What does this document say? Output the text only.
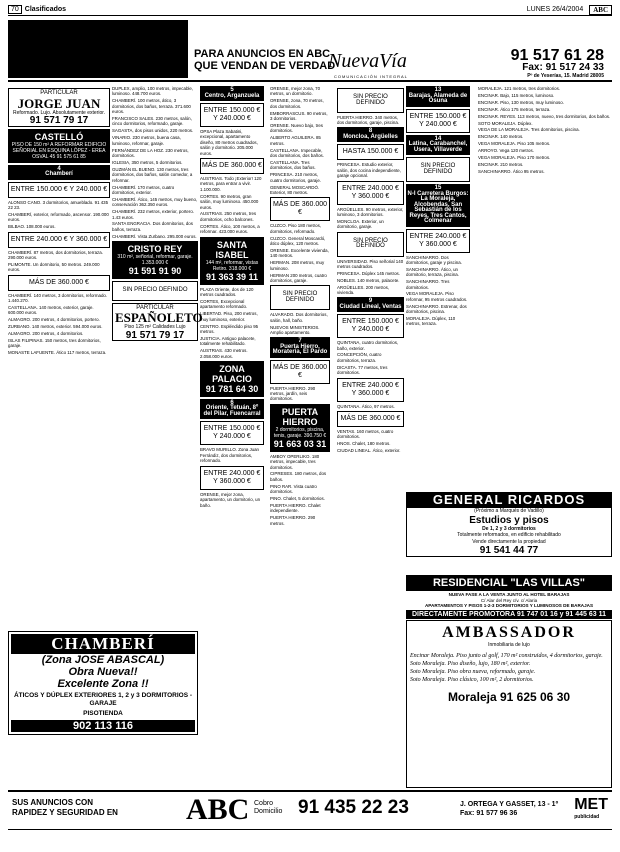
70 Clasificados	LUNES 26/4/2004	ABC
PARA ANUNCIOS EN ABC
QUE VENDAN DE VERDAD
NuevaVía
COMUNICACIÓN INTEGRAL
91 517 61 28
Fax: 91 517 24 33
Pº de Yeserías, 15. Madrid 28005
PARTICULAR
JORGE JUAN
Reformado. Lujo. Absolutamente exterior.
91 571 79 17
CASTELLÓ
PISO DE 150 m² A REFORMAR EDIFICIO SEÑORIAL EN ESQUINA LÓPEZ - EREA OSVAL 45 91 575 61 85
4
Chamberí
ENTRE 150.000 € Y 240.000 €

ALONSO CANO. 3 dormitorios, amueblado. 91 435 22 23.

CHAMBERÍ, exterior, reformado, ascensor. 190.000 euros.

BILBAO. 108.000 euros.

ENTRE 240.000 € Y 360.000 €

CHAMBERÍ. 87 metros, dos dormitorios, terraza. 290.000 euros.

PLIMONTE. Un dormitorio, 50 metros. 249.000 euros.

MÁS DE 360.000 €

CHAMBERÍ. 140 metros, 3 dormitorios, reformado. 1.440.270.

CASTELLANA. 140 metros, exterior, garaje. 600.000 euros.

ALMAGRO. 200 metros, 4 dormitorios, portero.

ZURBANO. 140 metros, exterior. 594.000 euros.

ALMAGRO. 200 metros, 4 dormitorios.

ISLAS FILIPINAS. 150 metros, tres dormitorios, garaje.

MONASTE LAFUENTE. Ático 117 metros, terraza.

CHAMBERÍ
(Zona JOSE ABASCAL)
Obra Nueva!!
Excelente Zona !!
ÁTICOS Y DÚPLEX EXTERIORES 1, 2 y 3 DORMITORIOS - GARAJE
PISOTIENDA
902 113 116

DUPLEX, amplio, 100 metros, impecable, luminoso. 448.700 euros.

CHAMBERÍ. 100 metros, ático, 3 dormitorios, dos baños, terraza. 371.600 euros.

FRANCISCO SALES. 230 metros, salón, cinco dormitorios, reformado, garaje.

SAGASTA, dos pisos unidos, 220 metros.

VINARIO. 230 metros, buena casa, luminoso, reformar, garaje.

FERNÁNDEZ DE LA HOZ. 230 metros, dormitorios.

IGLESIA, 350 metros, 5 dormitorios.

GUZMÁN EL BUENO. 130 metros, tres dormitorios, dos baños, salón comedor, a reformar.

CHAMBERÍ. 170 metros, cuatro dormitorios, exterior.

CHAMBERÍ. Ático, 145 metros, muy bueno, conservación 362.350 euros.

CHAMBERÍ. 232 metros, exterior, portero. 1.43 euros.

SANTA ENGRACIA. Dos dormitorios, dos baños, terraza.

CHAMBERÍ. Vista Zurbano. 295.000 euros.

CRISTO REY
310 m², señorial, reformar, garaje. 1.353.000 €
91 591 91 90
SIN PRECIO DEFINIDO
PARTICULAR
ESPAÑOLETO
Piso 125 m² Calidades Lujo
91 571 79 17
5
Centro, Arganzuela
ENTRE 150.000 € Y 240.000 €

OPSA Plaza Sabatini, excepcional, apartamento diseño, 80 metros cuadrados, salón y dormitorio. 205.000 euros.

MÁS DE 360.000 €

AUSTRIAS. Todo ¡Exterior! 120 metros, para entrar a vivir. 1.100.000.

CORTES. 90 metros, gran salón, muy luminoso. 450.000 euros.

AUSTRIAS. 250 metros, tres dormitorios, ocho balcones.

CORTES. Ático, 100 metros, a reformar. 423.000 euros.

SANTA ISABEL
144 m², reformar, vistas Retiro. 318.000 €
91 363 39 11

PLAZA Oriente, dos de 120 metros cuadrados.

CORTES, Excepcional apartamento reformado.

LIBERTAD. Piso, 200 metros, muy luminoso, exterior.

CENTRO. Espléndido piso 95 metros.

JUSTICIA. Antiguo palacete, totalmente rehabilitado.

AUSTRIAS. 430 metros. 2.058.000 euros.

ZONA PALACIO
91 781 64 30
6
Oriente, Tetuán, 8º del Pilar, Fuencarral
ENTRE 150.000 € Y 240.000 €

BRAVO MURILLO. Zona Juan Ferrándiz, dos dormitorios, reformado.

ENTRE 240.000 € Y 360.000 €

ORENSE, mejor zona, apartamento, un dormitorio, un baño.

ORENSE, mejor zona, 70 metros, un dormitorio.

ORENSE, zona, 70 metros, dos dormitorios.

EMBORRASCUS. 90 metros, 3 dormitorios.

ORENSE. Nuevo bajo, tres dormitorios.

ALBERTO AGUILERA. 85 metros.

CASTELLANA. Impecable, dos dormitorios, dos baños.

CASTELLANA. Tres dormitorios, dos baños.

PRINCESA. 210 metros, cuatro dormitorios, garaje.

GENERAL MOSCARDÓ. Exterior, 80 metros.

MÁS DE 360.000 €

CUZCO. Piso 180 metros, dormitorios, reformado.

CUZCO. General Moscardó, ático dúplex, 120 metros.

ORENSE. Excelente vivienda, 140 metros.

HERMAN. 208 metros, muy luminoso.

HERMAN 200 metros, cuatro dormitorios, garaje.

SIN PRECIO DEFINIDO

ALVARADO. Dos dormitorios, salón, hall, baño.

NUEVOS MINISTERIOS. Amplio apartamento.

7
Puerta Hierro, Moratería, El Pardo
MÁS DE 360.000 €

PUERTA HIERRO. 290 metros, jardín, seis dormitorios.

PUERTA HIERRO
2 dormitorios, piscina, tenis, garaje. 390.750 €
91 663 03 31

AMBOY OPERLIKO. 180 metros, impecable, tres dormitorios.

CIPRESES. 180 metros, dos baños.

PINO RAR. Vista cuatro dormitorios.

PINO. Chalet, 5 dormitorios.

PUERTA HIERRO. Chalet independiente.

PUERTA HIERRO. 290 metros.

SIN PRECIO DEFINIDO

PUERTA HIERRO. 340 metros, dos dormitorios, garaje, piscina.

8
Moncloa, Argüelles
HASTA 150.000 €

PRINCESA. Estudio exterior, salón, dos cocina independiente, garaje opcional.

ENTRE 240.000 € Y 360.000 €

ARGÜELLES. 90 metros, exterior, luminoso, 3 dormitorios.

MONCLOA. Exterior, un dormitorio, garaje.

SIN PRECIO DEFINIDO

UNIVERSIDAD. Piso señorial 140 metros cuadrados.

PRINCESA. Dúplex 145 metros.

NOBLES. 140 metros, palacete.

ARGÜELLES. 200 metros, vivienda.

9
Ciudad Lineal, Ventas
ENTRE 150.000 € Y 240.000 €

QUINTANA, cuatro dormitorios, baño, exterior.

CONCEPCIÓN, cuatro dormitorios, terraza.

DICASTA. 77 metros, tres dormitorios.

ENTRE 240.000 € Y 360.000 €

QUINTANA. Ático, 97 metros.

MÁS DE 360.000 €

VENTAS. 160 metros, cuatro dormitorios.

HNOS. Chalet, 180 metros.

CIUDAD LINEAL. Ático, exterior.

13
Barajas, Alameda de Osuna
ENTRE 150.000 € Y 240.000 €
14
Latina, Carabanchel, Usera, Villaverde
SIN PRECIO DEFINIDO
15
N-I Carretera Burgos: La Moraleja, Alcobendas, San Sebastián de los Reyes, Tres Cantos, Colmenar
ENTRE 240.000 € Y 360.000 €

SANCHINARRO. Dos dormitorios, garaje y piscina.

SANCHINARRO. Ático, un dormitorio, terraza, piscina.

SANCHINARRO. Tres dormitorios.

VEGA MORALEJA. Piso reformar, 95 metros cuadrados.

SANCHINARRO. Estrenar, dos dormitorios, piscina.

MORALEJA. Dúplex, 110 metros, terraza.

MORALEJA. 121 metros, tres dormitorios.

ENCINAR. Bajo, 115 metros, luminoso.

ENCINAR. Piso, 130 metros, muy luminoso.

ENCINAR. Ático 175 metros, terraza.

ENCINAR. REYES. 113 metros, nuevo, tres dormitorios, dos baños.

SOTO MORALEJA. Dúplex.

VEGA DE LA MORALEJA. Tres dormitorios, piscina.

ENCINAR. 140 metros.

VEGA MORALEJA. Piso 105 metros.

ARROYO. Vega 120 metros.

VEGA MORALEJA. Piso 170 metros.

ENCINAR. 210 metros.

SANCHINARRO. Ático 95 metros.

GENERAL RICARDOS
(Próximo a Marqués de Vadillo)
Estudios y pisos
De 1, 2 y 3 dormitorios
Totalmente reformados, en edificio rehabilitado
Vende directamente la propiedad
91 541 44 77
RESIDENCIAL "LAS VILLAS"
NUEVA FASE A LA VENTA JUNTO AL HOTEL BARAJAS
C/ Alar del Rey c/v. c/ Alaria
APARTAMENTOS Y PISOS 1-2-3 DORMITORIOS Y LUMINOSOS DE BARAJAS
DIRECTAMENTE PROMOTORA 91 747 01 16 y 91 445 63 11
AMBASSADOR
Inmobiliaria de lujo
Encinar Moraleja. Piso junto al golf, 170 m² construidos, 4 dormitorios, garaje.
Soto Moraleja. Piso diseño, lujo, 180 m², exterior.
Soto Moraleja. Piso obra nueva, reformado, garaje.
Soto Moraleja. Piso clásico, 100 m², 2 dormitorios.
Moraleja 91 625 06 30
SUS ANUNCIOS CON
RAPIDEZ Y SEGURIDAD EN ABC Cobro
Domicilio 91 435 22 23	J. ORTEGA Y GASSET, 13 - 1º
Fax: 91 577 96 36
MET
publicidad
